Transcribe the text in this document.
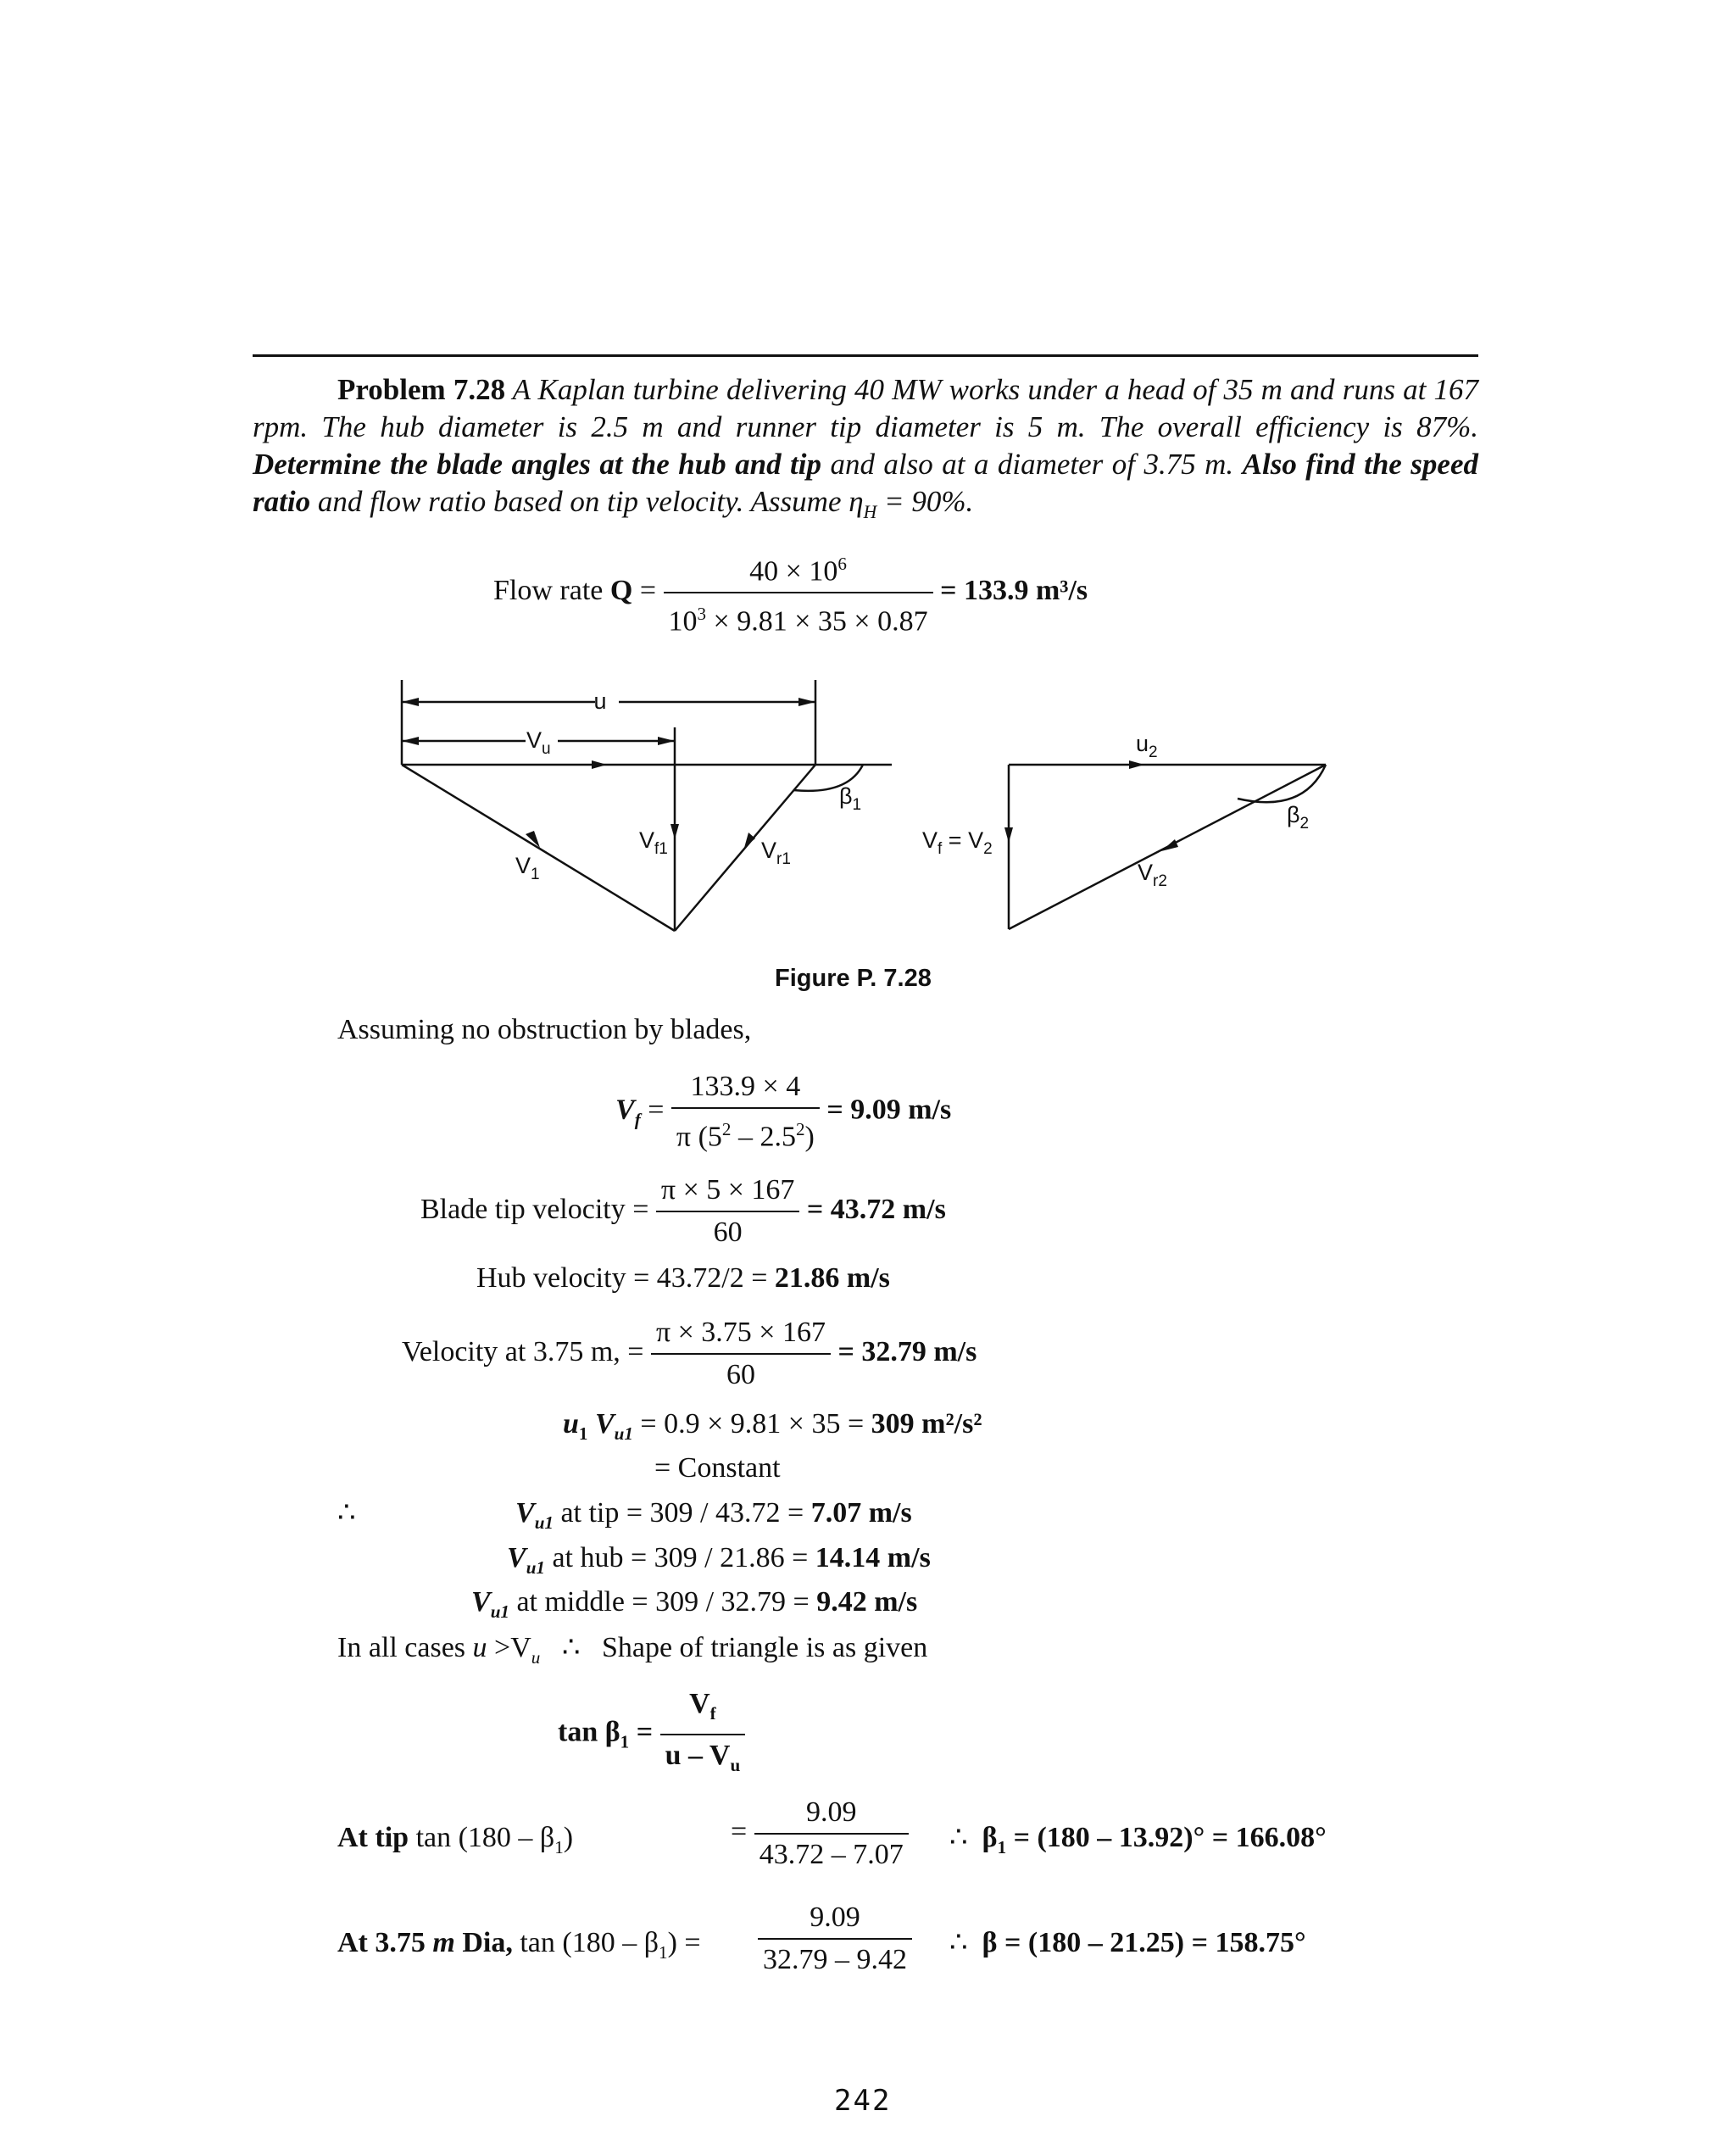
Problem 7.28 A Kaplan turbine delivering 40 MW works under a head of 35 m and runs at 167 rpm. The hub diameter is 2.5 m and runner tip diameter is 5 m. The overall efficiency is 87%. Determine the blade angles at the hub and tip and also at a diameter of 3.75 m. Also find the speed ratio and flow ratio based on tip velocity. Assume $\eta_H = 90\%$.
Flow rate $Q = \frac{40 \times 10^6}{10^3 \times 9.81 \times 35 \times 0.87} = 133.9$ m³/s
u
$V_u$
$\beta_1$
$V_{f1}$	$V_{r1}$
$V_1$
$u_2$
$\beta_2$
$V_f = V_2$
$V_{r2}$
Figure P. 7.28
Assuming no obstruction by blades,
$V_f = \frac{133.9 \times 4}{\pi (5^2 - 2.5^2)} = 9.09$ m/s
Blade tip velocity = $\frac{\pi \times 5 \times 167}{60} = 43.72$ m/s
Hub velocity = 43.72/2 = 21.86 m/s
Velocity at 3.75 m, = $\frac{\pi \times 3.75 \times 167}{60} = 32.79$ m/s
$u_1$ $V_{u1} = 0.9 \times 9.81 \times 35 = 309$ m²/s²
= Constant
∴	$V_{u1}$ at tip = 309 / 43.72 = 7.07 m/s
$V_{u1}$ at hub = 309 / 21.86 = 14.14 m/s
$V_{u1}$ at middle = 309 / 32.79 = 9.42 m/s
In all cases $u >V_u$   ∴   Shape of triangle is as given
$\tan \beta_1 = \frac{V_f}{u - V_u}$
At tip $\tan (180 - \beta_1)$	= $\frac{9.09}{43.72 - 7.07}$ ∴  $\beta_1 = (180 - 13.92)^\circ = 166.08^\circ$
At 3.75 m Dia, $\tan (180 - \beta_1) = \frac{9.09}{32.79 - 9.42}$ ∴  β = (180 – 21.25) = 158.75°
242
